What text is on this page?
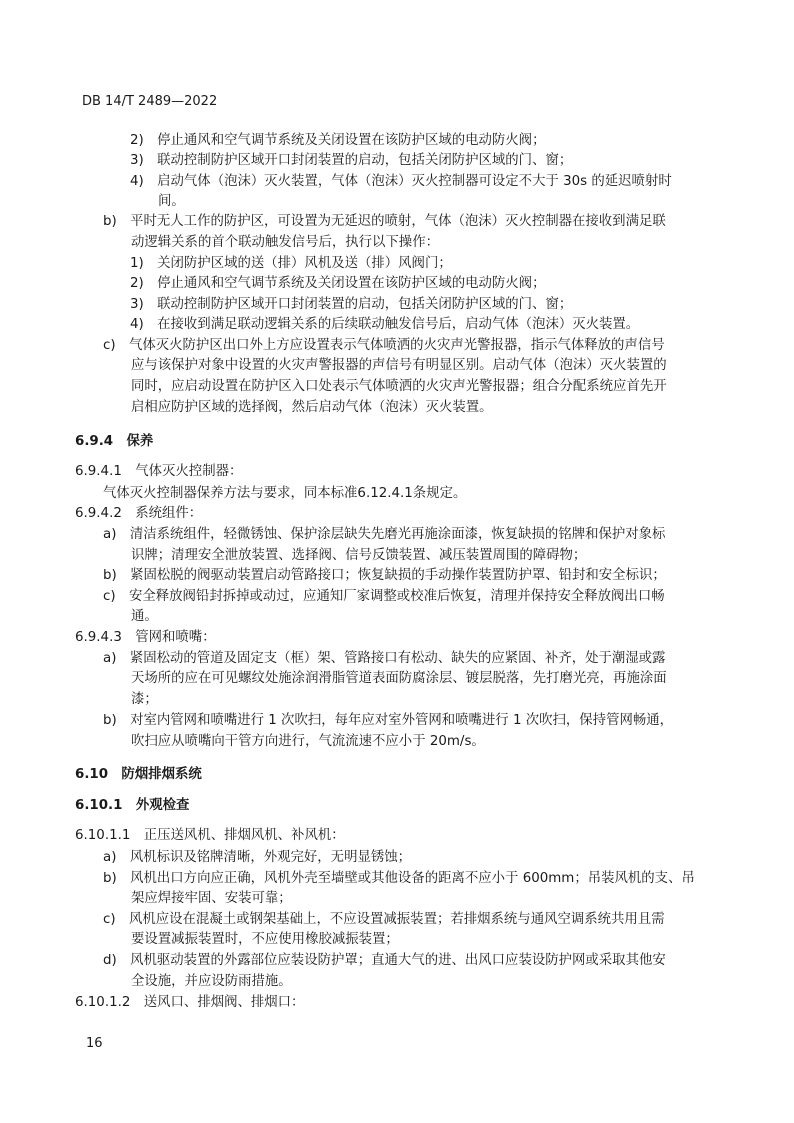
DB 14/T 2489—2022
2)　停止通风和空气调节系统及关闭设置在该防护区域的电动防火阀；
3)　联动控制防护区域开口封闭装置的启动，包括关闭防护区域的门、窗；
4)　启动气体（泡沫）灭火装置，气体（泡沫）灭火控制器可设定不大于 30s 的延迟喷射时
间。
b)　平时无人工作的防护区，可设置为无延迟的喷射，气体（泡沫）灭火控制器在接收到满足联
动逻辑关系的首个联动触发信号后，执行以下操作：
1)　关闭防护区域的送（排）风机及送（排）风阀门；
2)　停止通风和空气调节系统及关闭设置在该防护区域的电动防火阀；
3)　联动控制防护区域开口封闭装置的启动，包括关闭防护区域的门、窗；
4)　在接收到满足联动逻辑关系的后续联动触发信号后，启动气体（泡沫）灭火装置。
c)　气体灭火防护区出口外上方应设置表示气体喷洒的火灾声光警报器，指示气体释放的声信号
应与该保护对象中设置的火灾声警报器的声信号有明显区别。启动气体（泡沫）灭火装置的
同时，应启动设置在防护区入口处表示气体喷洒的火灾声光警报器；组合分配系统应首先开
启相应防护区域的选择阀，然后启动气体（泡沫）灭火装置。
6.9.4　保养
6.9.4.1　气体灭火控制器：
气体灭火控制器保养方法与要求，同本标准6.12.4.1条规定。
6.9.4.2　系统组件：
a)　清洁系统组件，轻微锈蚀、保护涂层缺失先磨光再施涂面漆，恢复缺损的铭牌和保护对象标
识牌；清理安全泄放装置、选择阀、信号反馈装置、减压装置周围的障碍物；
b)　紧固松脱的阀驱动装置启动管路接口；恢复缺损的手动操作装置防护罩、铅封和安全标识；
c)　安全释放阀铅封拆掉或动过，应通知厂家调整或校准后恢复，清理并保持安全释放阀出口畅
通。
6.9.4.3　管网和喷嘴：
a)　紧固松动的管道及固定支（框）架、管路接口有松动、缺失的应紧固、补齐，处于潮湿或露
天场所的应在可见螺纹处施涂润滑脂管道表面防腐涂层、镀层脱落，先打磨光亮，再施涂面
漆；
b)　对室内管网和喷嘴进行 1 次吹扫，每年应对室外管网和喷嘴进行 1 次吹扫，保持管网畅通，
吹扫应从喷嘴向干管方向进行，气流流速不应小于 20m/s。
6.10　防烟排烟系统
6.10.1　外观检查
6.10.1.1　正压送风机、排烟风机、补风机：
a)　风机标识及铭牌清晰，外观完好，无明显锈蚀；
b)　风机出口方向应正确，风机外壳至墙壁或其他设备的距离不应小于 600mm；吊装风机的支、吊
架应焊接牢固、安装可靠；
c)　风机应设在混凝土或钢架基础上，不应设置减振装置；若排烟系统与通风空调系统共用且需
要设置减振装置时，不应使用橡胶减振装置；
d)　风机驱动装置的外露部位应装设防护罩；直通大气的进、出风口应装设防护网或采取其他安
全设施，并应设防雨措施。
6.10.1.2　送风口、排烟阀、排烟口：
16
